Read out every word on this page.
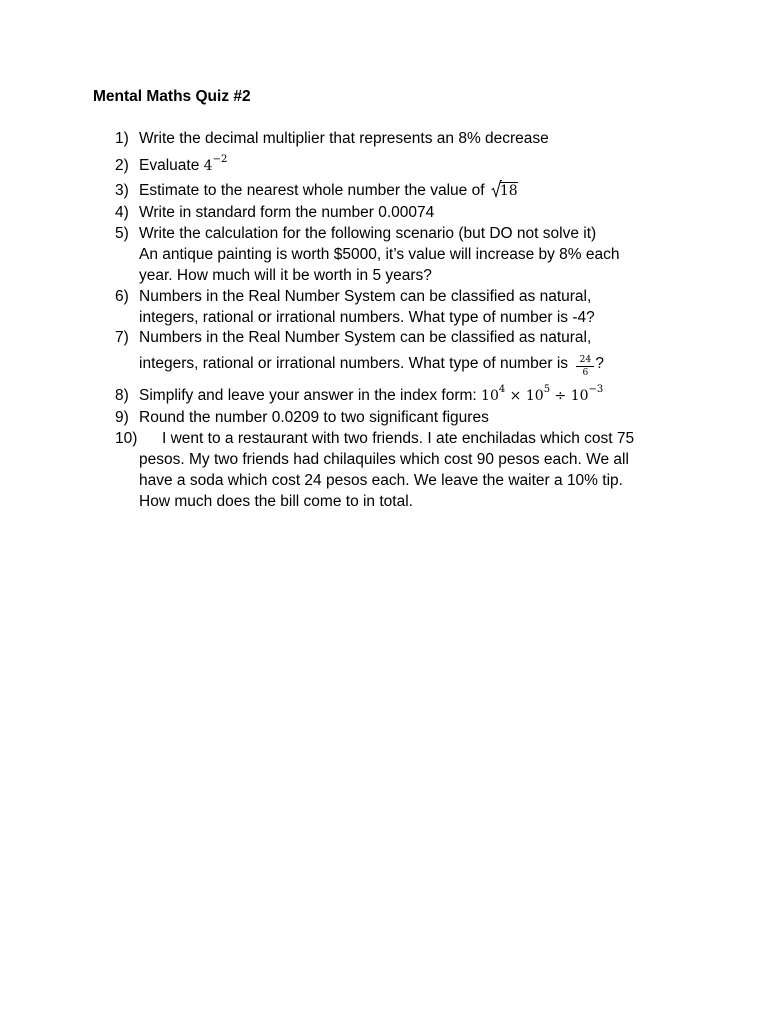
Mental Maths Quiz #2
1) Write the decimal multiplier that represents an 8% decrease
2) Evaluate $4^{-2}$
3) Estimate to the nearest whole number the value of
18
4) Write in standard form the number 0.00074
5) Write the calculation for the following scenario (but DO not solve it)
An antique painting is worth $5000, it’s value will increase by 8% each
year. How much will it be worth in 5 years?
6) Numbers in the Real Number System can be classified as natural,
integers, rational or irrational numbers. What type of number is -4?
7) Numbers in the Real Number System can be classified as natural,
integers, rational or irrational numbers. What type of number is $\frac{24}{6}$ ?
8) Simplify and leave your answer in the index form: $10^4 \times 10^5 \div 10^{-3}$
9) Round the number 0.0209 to two significant figures
10)	I went to a restaurant with two friends. I ate enchiladas which cost 75
pesos. My two friends had chilaquiles which cost 90 pesos each. We all
have a soda which cost 24 pesos each. We leave the waiter a 10% tip.
How much does the bill come to in total.
